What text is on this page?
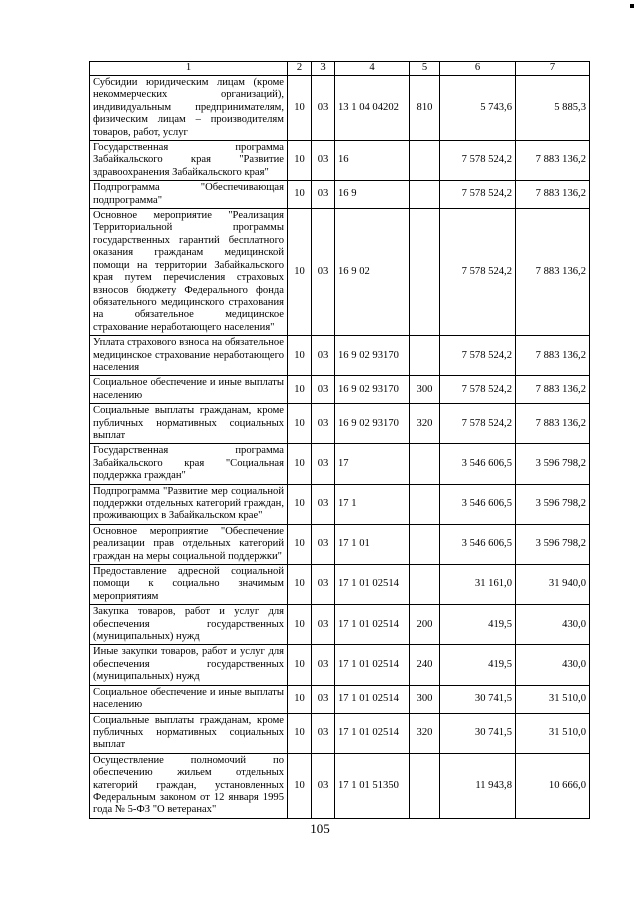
1	2	3	4	5	6	7
Субсидии юридическим лицам (кроме некоммерческих организаций), индивидуальным предпринимателям, физическим лицам – производителям товаров, работ, услуг	10	03	13 1 04 04202	810	5 743,6	5 885,3
Государственная программа Забайкальского края "Развитие здравоохранения Забайкальского края"	10	03	16		7 578 524,2	7 883 136,2
Подпрограмма "Обеспечивающая подпрограмма"	10	03	16 9		7 578 524,2	7 883 136,2
Основное мероприятие "Реализация Территориальной программы государственных гарантий бесплатного оказания гражданам медицинской помощи на территории Забайкальского края путем перечисления страховых взносов бюджету Федерального фонда обязательного медицинского страхования на обязательное медицинское страхование неработающего населения"	10	03	16 9 02		7 578 524,2	7 883 136,2
Уплата страхового взноса на обязательное медицинское страхование неработающего населения	10	03	16 9 02 93170		7 578 524,2	7 883 136,2
Социальное обеспечение и иные выплаты населению	10	03	16 9 02 93170	300	7 578 524,2	7 883 136,2
Социальные выплаты гражданам, кроме публичных нормативных социальных выплат	10	03	16 9 02 93170	320	7 578 524,2	7 883 136,2
Государственная программа Забайкальского края "Социальная поддержка граждан"	10	03	17		3 546 606,5	3 596 798,2
Подпрограмма "Развитие мер социальной поддержки отдельных категорий граждан, проживающих в Забайкальском крае"	10	03	17 1		3 546 606,5	3 596 798,2
Основное мероприятие "Обеспечение реализации прав отдельных категорий граждан на меры социальной поддержки"	10	03	17 1 01		3 546 606,5	3 596 798,2
Предоставление адресной социальной помощи к социально значимым мероприятиям	10	03	17 1 01 02514		31 161,0	31 940,0
Закупка товаров, работ и услуг для обеспечения государственных (муниципальных) нужд	10	03	17 1 01 02514	200	419,5	430,0
Иные закупки товаров, работ и услуг для обеспечения государственных (муниципальных) нужд	10	03	17 1 01 02514	240	419,5	430,0
Социальное обеспечение и иные выплаты населению	10	03	17 1 01 02514	300	30 741,5	31 510,0
Социальные выплаты гражданам, кроме публичных нормативных социальных выплат	10	03	17 1 01 02514	320	30 741,5	31 510,0
Осуществление полномочий по обеспечению жильем отдельных категорий граждан, установленных Федеральным законом от 12 января 1995 года № 5-ФЗ "О ветеранах"	10	03	17 1 01 51350		11 943,8	10 666,0
105
